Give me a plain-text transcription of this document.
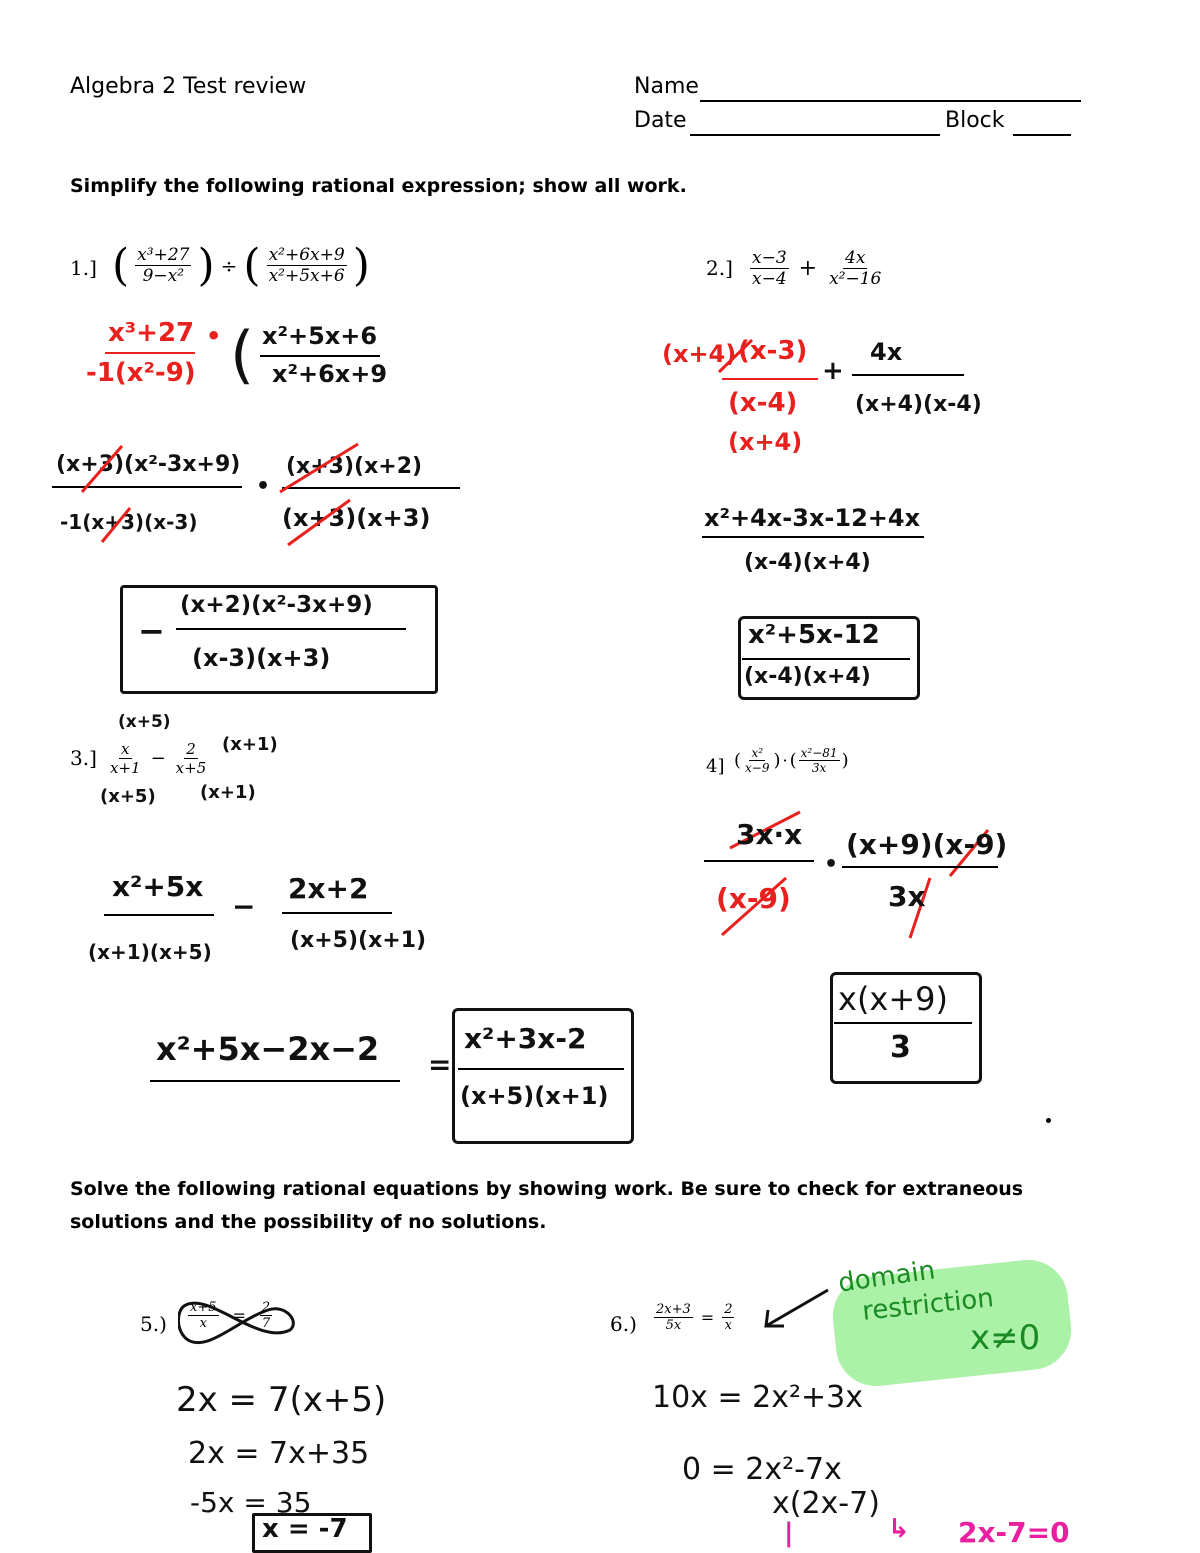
Algebra 2 Test review	Name
Date	Block
Simplify the following rational expression; show all work.
1.] ( $\frac{\text{x³+27}}{\text{9−x²}}$ ) ÷ ( $\frac{\text{x²+6x+9}}{\text{x²+5x+6}}$ )
x³+27
-1(x²-9)
• ( x²+5x+6
x²+6x+9
(x+3)(x²-3x+9)
-1(x+3)(x-3)
•
(x+3)(x+2)
(x+3)(x+3)
−
(x+2)(x²-3x+9)
(x-3)(x+3)
$2.] \frac{x-3}{x-4} + \frac{4x}{\text{x²−16}}$
(x+4) (x-3)
(x-4)
(x+4)
+
4x
(x+4)(x-4)
x²+4x-3x-12+4x
(x-4)(x+4)
x²+5x-12
(x-4)(x+4)
(x+5)
(x+1)
$3.] \frac{x}{x+1} - \frac{2}{x+5}$
(x+5) (x+1)
x²+5x
(x+1)(x+5)
−
2x+2
(x+5)(x+1)
x²+5x−2x−2 =
x²+3x-2
(x+5)(x+1)
4] ( $\frac{\text{x²}}{x-9}$ ) · ( $\frac{\text{x²−81}}{3x}$ )
3x·x
(x-9)
•
(x+9)(x-9)
3x
x(x+9)
3
Solve the following rational equations by showing work. Be sure to check for extraneous
solutions and the possibility of no solutions.
$5.) \frac{x+5}{x} = \frac{2}{7}$
2x = 7(x+5)
2x = 7x+35
-5x = 35
x = -7
$6.) \frac{2x+3}{5x} = \frac{2}{x}$
domain
restriction
x≠0
10x = 2x²+3x
0 = 2x²-7x
x(2x-7)
|	↳ 2x-7=0
